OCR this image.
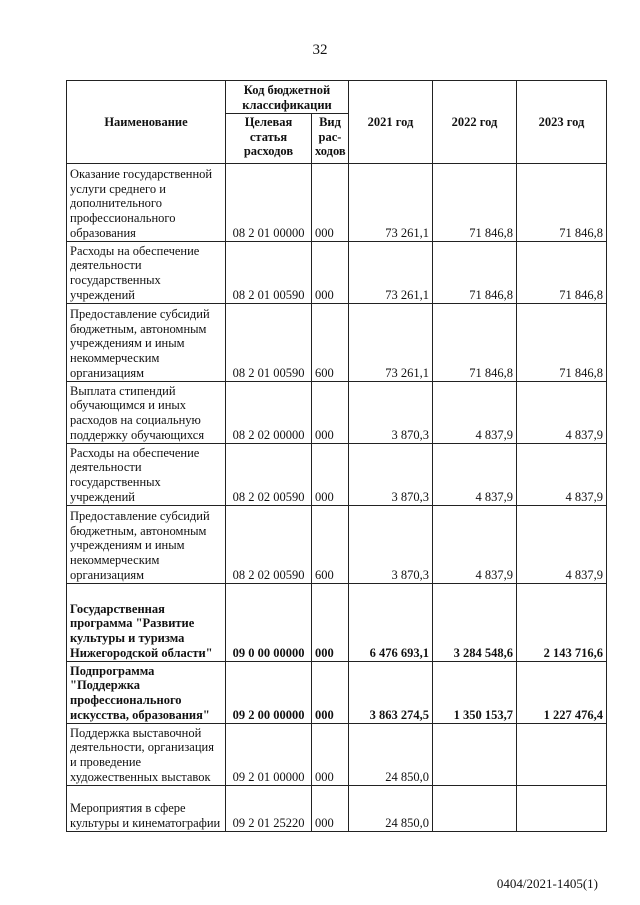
32
Наименование	Код бюджетной классификации		2021 год	2022 год	2023 год
	Целевая статья расходов	Вид рас-ходов			
Оказание государственной услуги среднего и дополнительного профессионального образования	08 2 01 00000	000	73 261,1	71 846,8	71 846,8
Расходы на обеспечение деятельности государственных учреждений	08 2 01 00590	000	73 261,1	71 846,8	71 846,8
Предоставление субсидий бюджетным, автономным учреждениям и иным некоммерческим организациям	08 2 01 00590	600	73 261,1	71 846,8	71 846,8
Выплата стипендий обучающимся и иных расходов на социальную поддержку обучающихся	08 2 02 00000	000	3 870,3	4 837,9	4 837,9
Расходы на обеспечение деятельности государственных учреждений	08 2 02 00590	000	3 870,3	4 837,9	4 837,9
Предоставление субсидий бюджетным, автономным учреждениям и иным некоммерческим организациям	08 2 02 00590	600	3 870,3	4 837,9	4 837,9
Государственная программа "Развитие культуры и туризма Нижегородской области"	09 0 00 00000	000	6 476 693,1	3 284 548,6	2 143 716,6
Подпрограмма "Поддержка профессионального искусства, образования"	09 2 00 00000	000	3 863 274,5	1 350 153,7	1 227 476,4
Поддержка выставочной деятельности, организация и проведение художественных выставок	09 2 01 00000	000	24 850,0		
Мероприятия в сфере культуры и кинематографии	09 2 01 25220	000	24 850,0		
0404/2021-1405(1)
